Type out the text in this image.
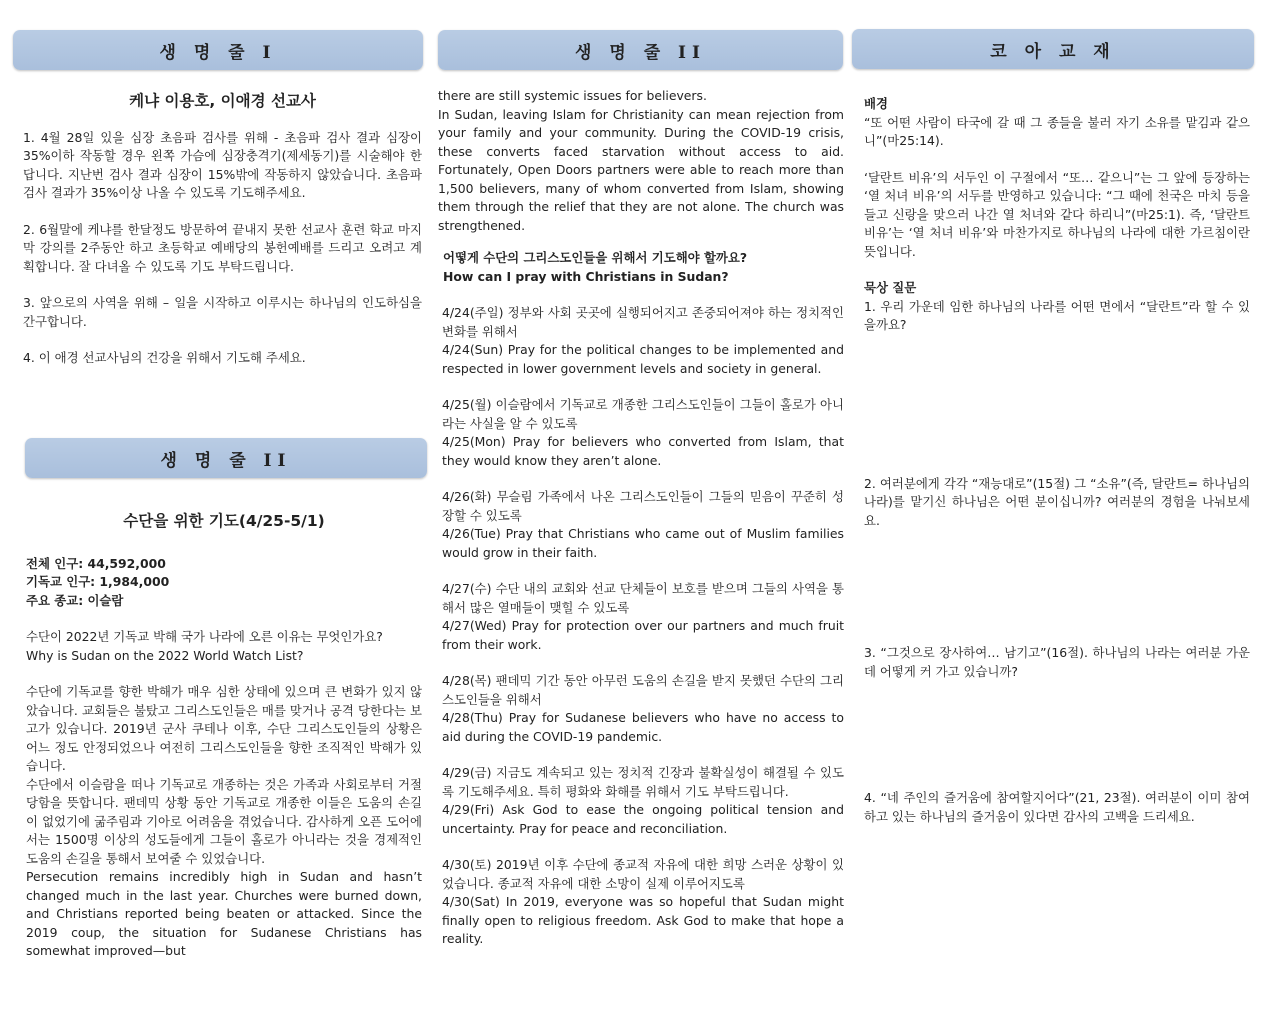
생 명 줄 I	생 명 줄 II	코 아 교 재
생 명 줄 II

케냐 이용호, 이애경 선교사

1. 4월 28일 있을 심장 초음파 검사를 위해 - 초음파 검사 결과 심장이 35%이하 작동할 경우 왼쪽 가슴에 심장충격기(제세동기)를 시술해야 한답니다. 지난번 검사 결과 심장이 15%밖에 작동하지 않았습니다. 초음파 검사 결과가 35%이상 나올 수 있도록 기도해주세요.

2. 6월말에 케냐를 한달정도 방문하여 끝내지 못한 선교사 훈련 학교 마지막 강의를 2주동안 하고 초등학교 예배당의 봉헌예배를 드리고 오려고 계획합니다. 잘 다녀올 수 있도록 기도 부탁드립니다.

3. 앞으로의 사역을 위해 – 일을 시작하고 이루시는 하나님의 인도하심을 간구합니다.

4. 이 애경 선교사님의 건강을 위해서 기도해 주세요.

수단을 위한 기도(4/25-5/1)

전체 인구: 44,592,000

기독교 인구: 1,984,000

주요 종교: 이슬람

수단이 2022년 기독교 박해 국가 나라에 오른 이유는 무엇인가요?

Why is Sudan on the 2022 World Watch List?

수단에 기독교를 향한 박해가 매우 심한 상태에 있으며 큰 변화가 있지 않았습니다. 교회들은 불탔고 그리스도인들은 매를 맞거나 공격 당한다는 보고가 있습니다. 2019년 군사 쿠테나 이후, 수단 그리스도인들의 상황은 어느 정도 안정되었으나 여전히 그리스도인들을 향한 조직적인 박해가 있습니다.

수단에서 이슬람을 떠나 기독교로 개종하는 것은 가족과 사회로부터 거절당함을 뜻합니다. 팬데믹 상황 동안 기독교로 개종한 이들은 도움의 손길이 없었기에 굶주림과 기아로 어려움을 겪었습니다. 감사하게 오픈 도어에서는 1500명 이상의 성도들에게 그들이 홀로가 아니라는 것을 경제적인 도움의 손길을 통해서 보여줄 수 있었습니다.

Persecution remains incredibly high in Sudan and hasn’t changed much in the last year. Churches were burned down, and Christians reported being beaten or attacked. Since the 2019 coup, the situation for Sudanese Christians has somewhat improved—but

there are still systemic issues for believers.

In Sudan, leaving Islam for Christianity can mean rejection from your family and your community. During the COVID-19 crisis, these converts faced starvation without access to aid. Fortunately, Open Doors partners were able to reach more than 1,500 believers, many of whom converted from Islam, showing them through the relief that they are not alone. The church was strengthened.

어떻게 수단의 그리스도인들을 위해서 기도해야 할까요?

How can I pray with Christians in Sudan?

4/24(주일) 정부와 사회 곳곳에 실행되어지고 존중되어져야 하는 정치적인 변화를 위해서

4/24(Sun) Pray for the political changes to be implemented and respected in lower government levels and society in general.

4/25(월) 이슬람에서 기독교로 개종한 그리스도인들이 그들이 홀로가 아니라는 사실을 알 수 있도록

4/25(Mon) Pray for believers who converted from Islam, that they would know they aren’t alone.

4/26(화) 무슬림 가족에서 나온 그리스도인들이 그들의 믿음이 꾸준히 성장할 수 있도록

4/26(Tue) Pray that Christians who came out of Muslim families would grow in their faith.

4/27(수) 수단 내의 교회와 선교 단체들이 보호를 받으며 그들의 사역을 통해서 많은 열매들이 맺힐 수 있도록

4/27(Wed) Pray for protection over our partners and much fruit from their work.

4/28(목) 팬데믹 기간 동안 아무런 도움의 손길을 받지 못했던 수단의 그리스도인들을 위해서

4/28(Thu) Pray for Sudanese believers who have no access to aid during the COVID-19 pandemic.

4/29(금) 지금도 계속되고 있는 정치적 긴장과 불확실성이 해결될 수 있도록 기도해주세요. 특히 평화와 화해를 위해서 기도 부탁드립니다.

4/29(Fri) Ask God to ease the ongoing political tension and uncertainty. Pray for peace and reconciliation.

4/30(토) 2019년 이후 수단에 종교적 자유에 대한 희망 스러운 상황이 있었습니다. 종교적 자유에 대한 소망이 실제 이루어지도록

4/30(Sat) In 2019, everyone was so hopeful that Sudan might finally open to religious freedom. Ask God to make that hope a reality.

배경

“또 어떤 사람이 타국에 갈 때 그 종들을 불러 자기 소유를 맡김과 같으니”(마25:14).

‘달란트 비유’의 서두인 이 구절에서 “또… 같으니”는 그 앞에 등장하는 ‘열 처녀 비유’의 서두를 반영하고 있습니다: “그 때에 천국은 마치 등을 들고 신랑을 맞으러 나간 열 처녀와 같다 하리니”(마25:1). 즉, ‘달란트 비유’는 ‘열 처녀 비유’와 마찬가지로 하나님의 나라에 대한 가르침이란 뜻입니다.

묵상 질문

1. 우리 가운데 임한 하나님의 나라를 어떤 면에서 “달란트”라 할 수 있을까요?

2. 여러분에게 각각 “재능대로”(15절) 그 “소유”(즉, 달란트= 하나님의 나라)를 맡기신 하나님은 어떤 분이십니까? 여러분의 경험을 나눠보세요.

3. “그것으로 장사하여… 남기고”(16절). 하나님의 나라는 여러분 가운데 어떻게 커 가고 있습니까?

4. “네 주인의 즐거움에 참여할지어다”(21, 23절). 여러분이 이미 참여하고 있는 하나님의 즐거움이 있다면 감사의 고백을 드리세요.
